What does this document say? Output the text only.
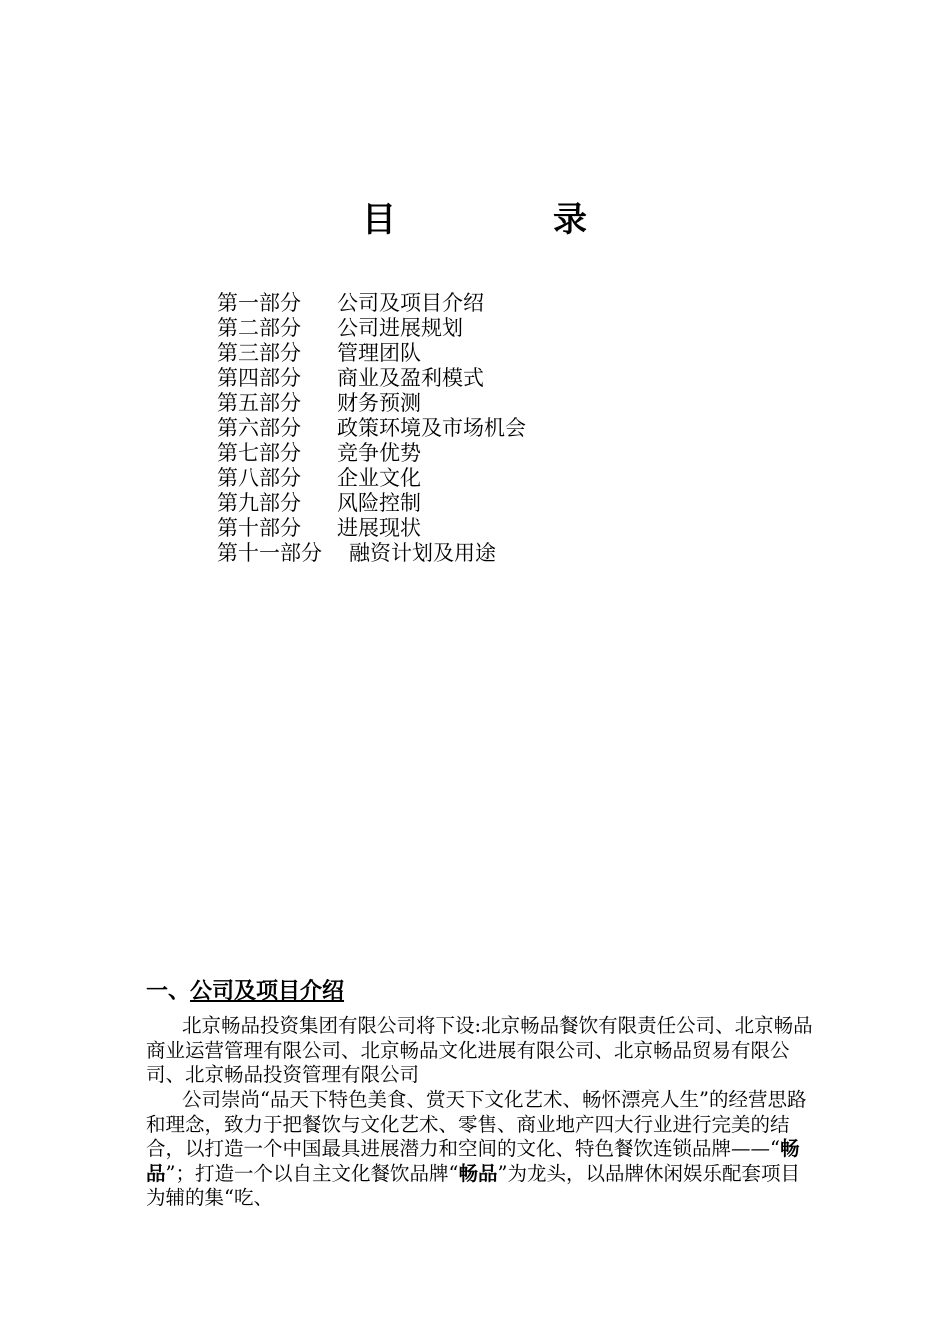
目	录
第一部分 公司及项目介绍
第二部分 公司进展规划
第三部分 管理团队
第四部分 商业及盈利模式
第五部分 财务预测
第六部分 政策环境及市场机会
第七部分 竞争优势
第八部分 企业文化
第九部分 风险控制
第十部分 进展现状
第十一部分 融资计划及用途
一、公司及项目介绍

北京畅品投资集团有限公司将下设:北京畅品餐饮有限责任公司、北京畅品商业运营管理有限公司、北京畅品文化进展有限公司、北京畅品贸易有限公司、北京畅品投资管理有限公司

公司崇尚“品天下特色美食、赏天下文化艺术、畅怀漂亮人生”的经营思路和理念，致力于把餐饮与文化艺术、零售、商业地产四大行业进行完美的结合，以打造一个中国最具进展潜力和空间的文化、特色餐饮连锁品牌——“畅品”；打造一个以自主文化餐饮品牌“畅品”为龙头，以品牌休闲娱乐配套项目为辅的集“吃、
